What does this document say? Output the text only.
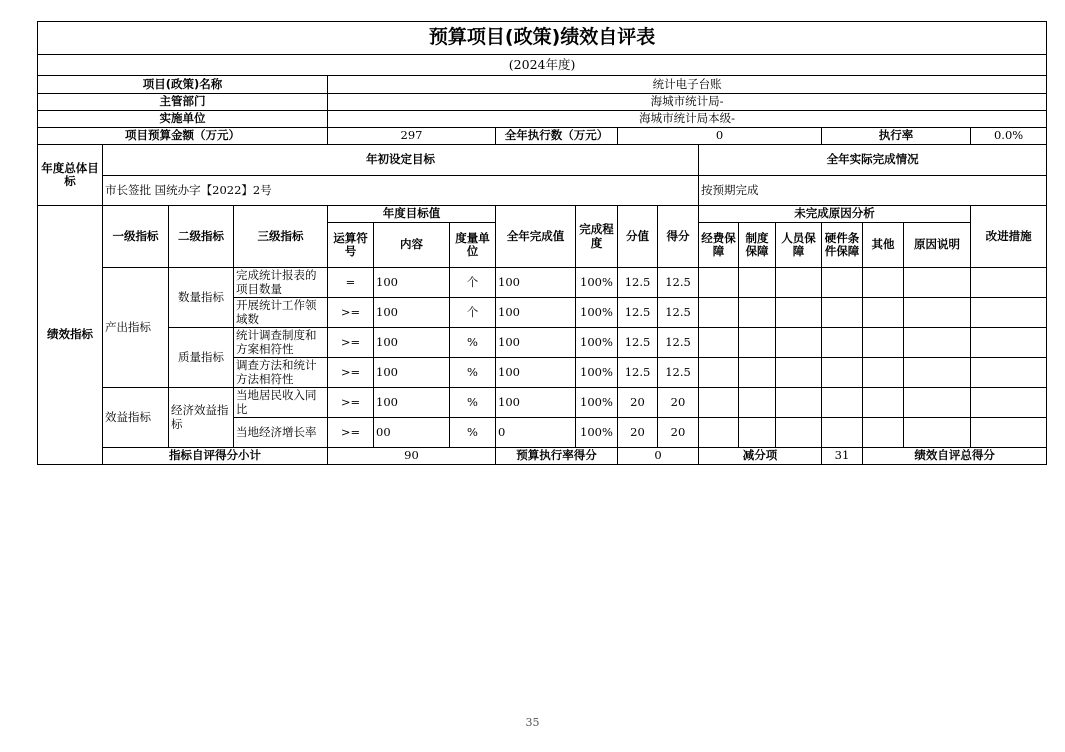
预算项目(政策)绩效自评表																		
(2024年度)																		
项目(政策)名称				统计电子台账														
主管部门				海城市统计局-														
实施单位				海城市统计局本级-														
项目预算金额（万元）				297			全年执行数（万元）		0					执行率			0.0%	
年度总体目标	年初设定目标										全年实际完成情况							
	市长签批 国统办字【2022】2号										按预期完成							
绩效指标	一级指标	二级指标	三级指标	年度目标值			全年完成值	完成程度	分值	得分	未完成原因分析						改进措施	
				运算符号	内容	度量单位					经费保障	制度保障	人员保障	硬件条件保障	其他	原因说明		
	产出指标	数量指标	完成统计报表的项目数量	=	100	个	100	100%	12.5	12.5								
			开展统计工作领域数	>=	100	个	100	100%	12.5	12.5								
		质量指标	统计调查制度和方案相符性	>=	100	%	100	100%	12.5	12.5								
			调查方法和统计方法相符性	>=	100	%	100	100%	12.5	12.5								
	效益指标	经济效益指标	当地居民收入同比	>=	100	%	100	100%	20	20								
			当地经济增长率	>=	00	%	0	100%	20	20								
	指标自评得分小计			90			预算执行率得分		0		减分项			31	绩效自评总得分	
35
